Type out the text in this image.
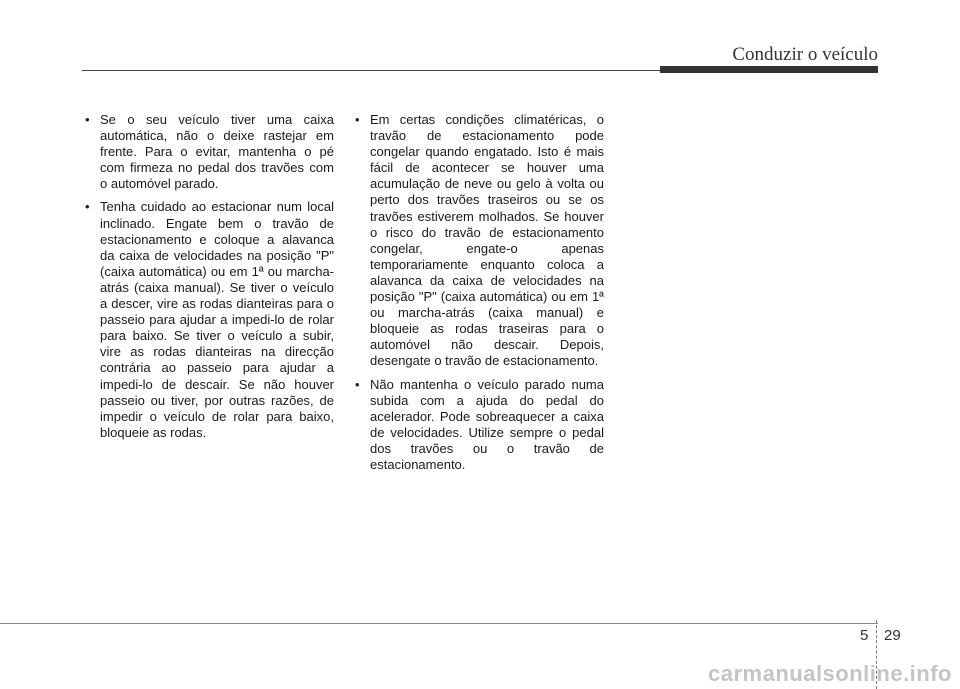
Conduzir o veículo
• Se o seu veículo tiver uma caixa automática, não o deixe rastejar em frente. Para o evitar, mantenha o pé com firmeza no pedal dos travões com o automóvel parado.
• Tenha cuidado ao estacionar num local inclinado. Engate bem o travão de estacionamento e coloque a alavanca da caixa de velocidades na posição "P" (caixa automática) ou em 1ª ou marcha-atrás (caixa manual). Se tiver o veículo a descer, vire as rodas dianteiras para o passeio para ajudar a impedi-lo de rolar para baixo. Se tiver o veículo a subir, vire as rodas dianteiras na direcção contrária ao passeio para ajudar a impedi-lo de descair. Se não houver passeio ou tiver, por outras razões, de impedir o veículo de rolar para baixo, bloqueie as rodas.
• Em certas condições climatéricas, o travão de estacionamento pode congelar quando engatado. Isto é mais fácil de acontecer se houver uma acumulação de neve ou gelo à volta ou perto dos travões traseiros ou se os travões estiverem molhados. Se houver o risco do travão de estacionamento congelar, engate-o apenas temporariamente enquanto coloca a alavanca da caixa de velocidades na posição "P" (caixa automática) ou em 1ª ou marcha-atrás (caixa manual) e bloqueie as rodas traseiras para o automóvel não descair. Depois, desengate o travão de estacionamento.
• Não mantenha o veículo parado numa subida com a ajuda do pedal do acelerador. Pode sobreaquecer a caixa de velocidades. Utilize sempre o pedal dos travões ou o travão de estacionamento.
5 29
carmanualsonline.info
